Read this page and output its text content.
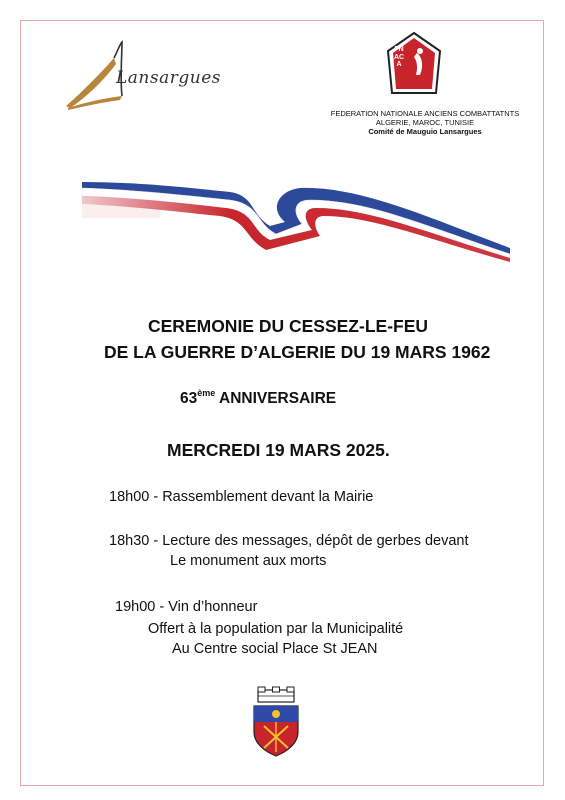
Lansargues
FNACA
FEDERATION NATIONALE ANCIENS COMBATTATNTS
ALGERIE, MAROC, TUNISIE
Comité de Mauguio Lansargues
CEREMONIE DU CESSEZ-LE-FEU
DE LA GUERRE D’ALGERIE DU 19 MARS 1962
63ème ANNIVERSAIRE
MERCREDI 19 MARS 2025.
18h00 - Rassemblement devant la Mairie
18h30 - Lecture des messages, dépôt de gerbes devant
Le monument aux morts
19h00 - Vin d’honneur
Offert à la population par la Municipalité
Au Centre social Place St JEAN
